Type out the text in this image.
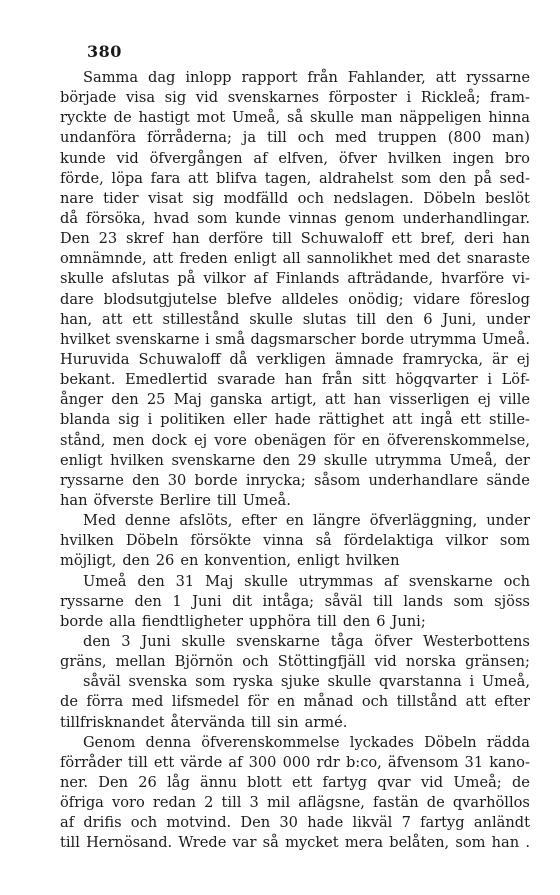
380
Samma dag inlopp rapport från Fahlander, att ryssarne
började visa sig vid svenskarnes förposter i Rickleå; fram-
ryckte de hastigt mot Umeå, så skulle man näppeligen hinna
undanföra förråderna; ja till och med truppen (800 man)
kunde vid öfvergången af elfven, öfver hvilken ingen bro
förde, löpa fara att blifva tagen, aldrahelst som den på sed-
nare tider visat sig modfälld och nedslagen. Döbeln beslöt
då försöka, hvad som kunde vinnas genom underhandlingar.
Den 23 skref han derföre till Schuwaloff ett bref, deri han
omnämnde, att freden enligt all sannolikhet med det snaraste
skulle afslutas på vilkor af Finlands afträdande, hvarföre vi-
dare blodsutgjutelse blefve alldeles onödig; vidare föreslog
han, att ett stillestånd skulle slutas till den 6 Juni, under
hvilket svenskarne i små dagsmarscher borde utrymma Umeå.
Huruvida Schuwaloff då verkligen ämnade framrycka, är ej
bekant. Emedlertid svarade han från sitt högqvarter i Löf-
ånger den 25 Maj ganska artigt, att han visserligen ej ville
blanda sig i politiken eller hade rättighet att ingå ett stille-
stånd, men dock ej vore obenägen för en öfverenskommelse,
enligt hvilken svenskarne den 29 skulle utrymma Umeå, der
ryssarne den 30 borde inrycka; såsom underhandlare sände
han öfverste Berlire till Umeå.
Med denne afslöts, efter en längre öfverläggning, under
hvilken Döbeln försökte vinna så fördelaktiga vilkor som
möjligt, den 26 en konvention, enligt hvilken
Umeå den 31 Maj skulle utrymmas af svenskarne och
ryssarne den 1 Juni dit intåga; såväl till lands som sjöss
borde alla fiendtligheter upphöra till den 6 Juni;
den 3 Juni skulle svenskarne tåga öfver Westerbottens
gräns, mellan Björnön och Stöttingfjäll vid norska gränsen;
såväl svenska som ryska sjuke skulle qvarstanna i Umeå,
de förra med lifsmedel för en månad och tillstånd att efter
tillfrisknandet återvända till sin armé.
Genom denna öfverenskommelse lyckades Döbeln rädda
förråder till ett värde af 300 000 rdr b:co, äfvensom 31 kano-
ner. Den 26 låg ännu blott ett fartyg qvar vid Umeå; de
öfriga voro redan 2 till 3 mil aflägsne, fastän de qvarhöllos
af drifis och motvind. Den 30 hade likväl 7 fartyg anländt
till Hernösand. Wrede var så mycket mera belåten, som han .
